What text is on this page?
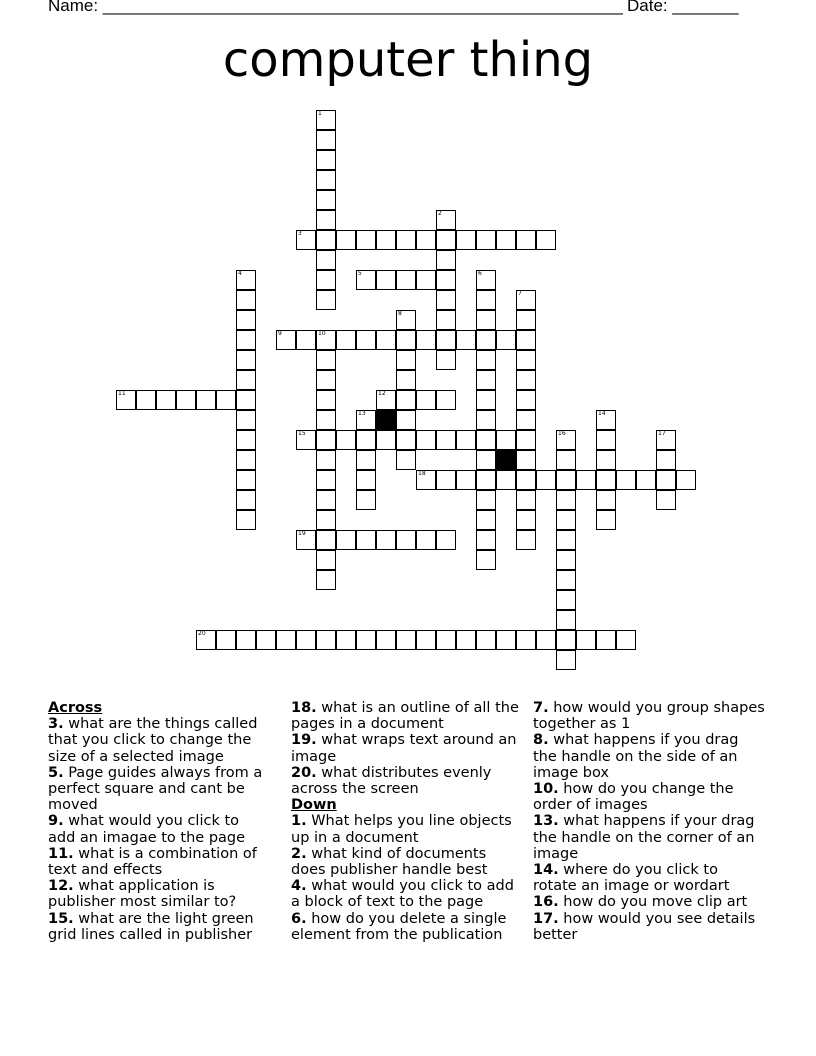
Name: _______________________________________________________ Date: _______
computer thing
1
2
3
4	5	6
7
8
9	10
11	12
13	14
15	16	17
18
19
20
Across
3. what are the things called that you click to change the size of a selected image
5. Page guides always from a perfect square and cant be moved
9. what would you click to add an imagae to the page
11. what is a combination of text and effects
12. what application is publisher most similar to?
15. what are the light green grid lines called in publisher
18. what is an outline of all the pages in a document
19. what wraps text around an image
20. what distributes evenly across the screen
Down
1. What helps you line objects up in a document
2. what kind of documents does publisher handle best
4. what would you click to add a block of text to the page
6. how do you delete a single element from the publication
7. how would you group shapes together as 1
8. what happens if you drag the handle on the side of an image box
10. how do you change the order of images
13. what happens if your drag the handle on the corner of an image
14. where do you click to rotate an image or wordart
16. how do you move clip art
17. how would you see details better
